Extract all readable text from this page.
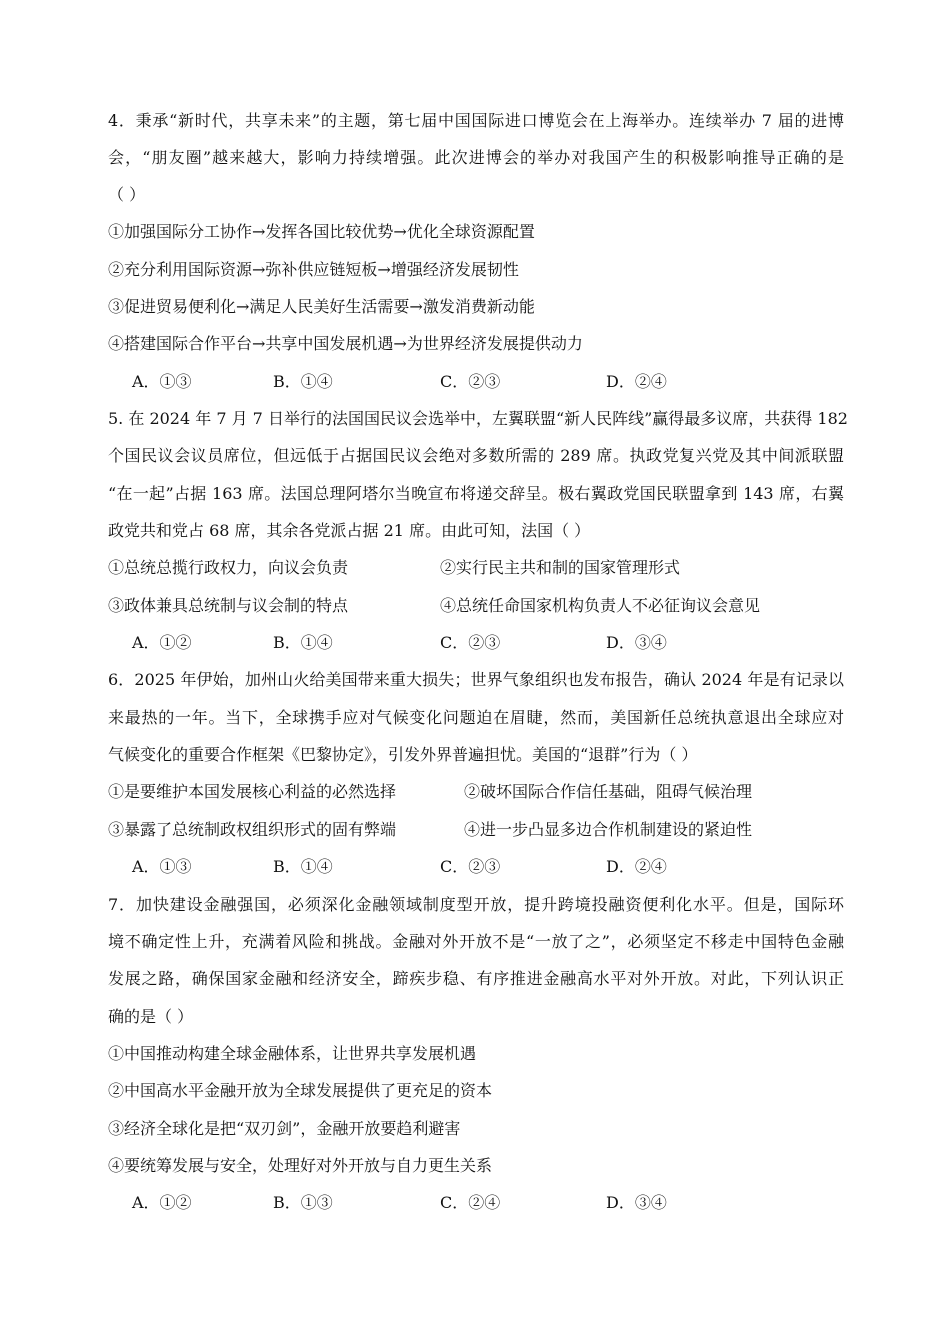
4．秉承“新时代，共享未来”的主题，第七届中国国际进口博览会在上海举办。连续举办 7 届的进博
会，“朋友圈”越来越大，影响力持续增强。此次进博会的举办对我国产生的积极影响推导正确的是
（ ）
①加强国际分工协作→发挥各国比较优势→优化全球资源配置
②充分利用国际资源→弥补供应链短板→增强经济发展韧性
③促进贸易便利化→满足人民美好生活需要→激发消费新动能
④搭建国际合作平台→共享中国发展机遇→为世界经济发展提供动力
A．①③	B．①④	C．②③	D．②④
5. 在 2024 年 7 月 7 日举行的法国国民议会选举中，左翼联盟“新人民阵线”赢得最多议席，共获得 182
个国民议会议员席位，但远低于占据国民议会绝对多数所需的 289 席。执政党复兴党及其中间派联盟
“在一起”占据 163 席。法国总理阿塔尔当晚宣布将递交辞呈。极右翼政党国民联盟拿到 143 席，右翼
政党共和党占 68 席，其余各党派占据 21 席。由此可知，法国（ ）
①总统总揽行政权力，向议会负责	②实行民主共和制的国家管理形式
③政体兼具总统制与议会制的特点	④总统任命国家机构负责人不必征询议会意见
A．①②	B．①④	C．②③	D．③④
6．2025 年伊始，加州山火给美国带来重大损失；世界气象组织也发布报告，确认 2024 年是有记录以
来最热的一年。当下，全球携手应对气候变化问题迫在眉睫，然而，美国新任总统执意退出全球应对
气候变化的重要合作框架《巴黎协定》，引发外界普遍担忧。美国的“退群”行为（ ）
①是要维护本国发展核心利益的必然选择	②破坏国际合作信任基础，阻碍气候治理
③暴露了总统制政权组织形式的固有弊端	④进一步凸显多边合作机制建设的紧迫性
A．①③	B．①④	C．②③	D．②④
7．加快建设金融强国，必须深化金融领域制度型开放，提升跨境投融资便利化水平。但是，国际环
境不确定性上升，充满着风险和挑战。金融对外开放不是“一放了之”，必须坚定不移走中国特色金融
发展之路，确保国家金融和经济安全，蹄疾步稳、有序推进金融高水平对外开放。对此，下列认识正
确的是（ ）
①中国推动构建全球金融体系，让世界共享发展机遇
②中国高水平金融开放为全球发展提供了更充足的资本
③经济全球化是把“双刃剑”，金融开放要趋利避害
④要统筹发展与安全，处理好对外开放与自力更生关系
A．①②	B．①③	C．②④	D．③④
